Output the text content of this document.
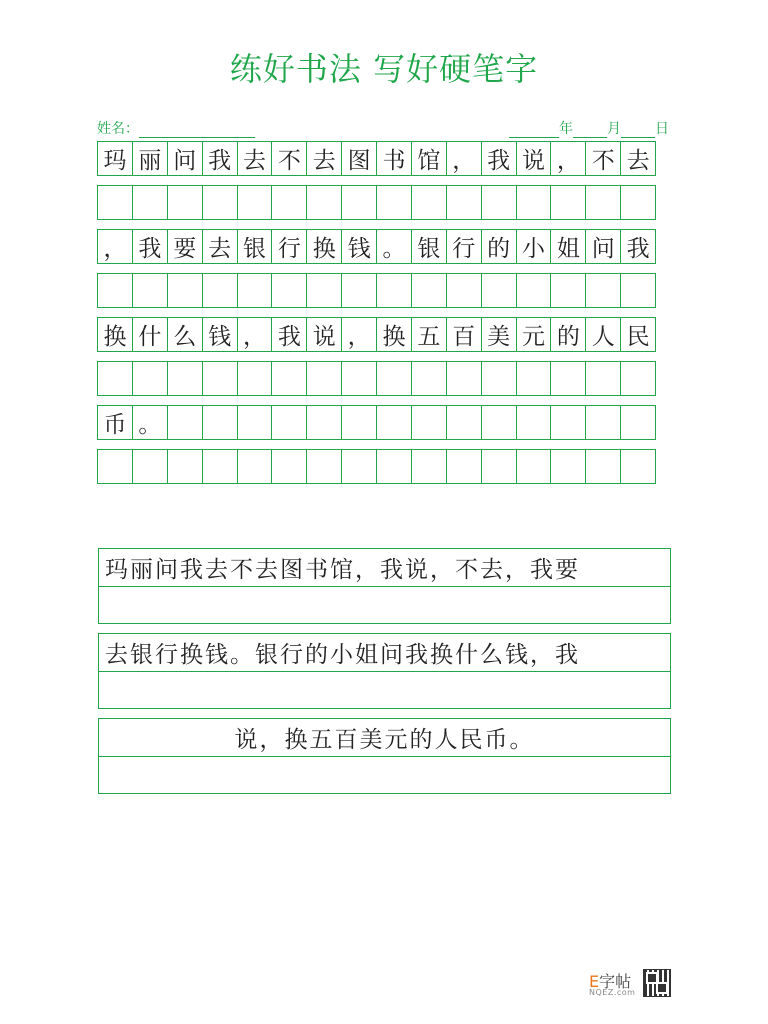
练好书法 写好硬笔字
姓名：	年 月 日
玛 丽 问 我 去 不 去 图 书 馆 ， 我 说 ， 不 去
， 我 要 去 银 行 换 钱 。 银 行 的 小 姐 问 我
换 什 么 钱 ， 我 说 ， 换 五 百 美 元 的 人 民
币 。
玛丽问我去不去图书馆，我说，不去，我要
去银行换钱。银行的小姐问我换什么钱，我
说，换五百美元的人民币。
E字帖
NQEZ.com
